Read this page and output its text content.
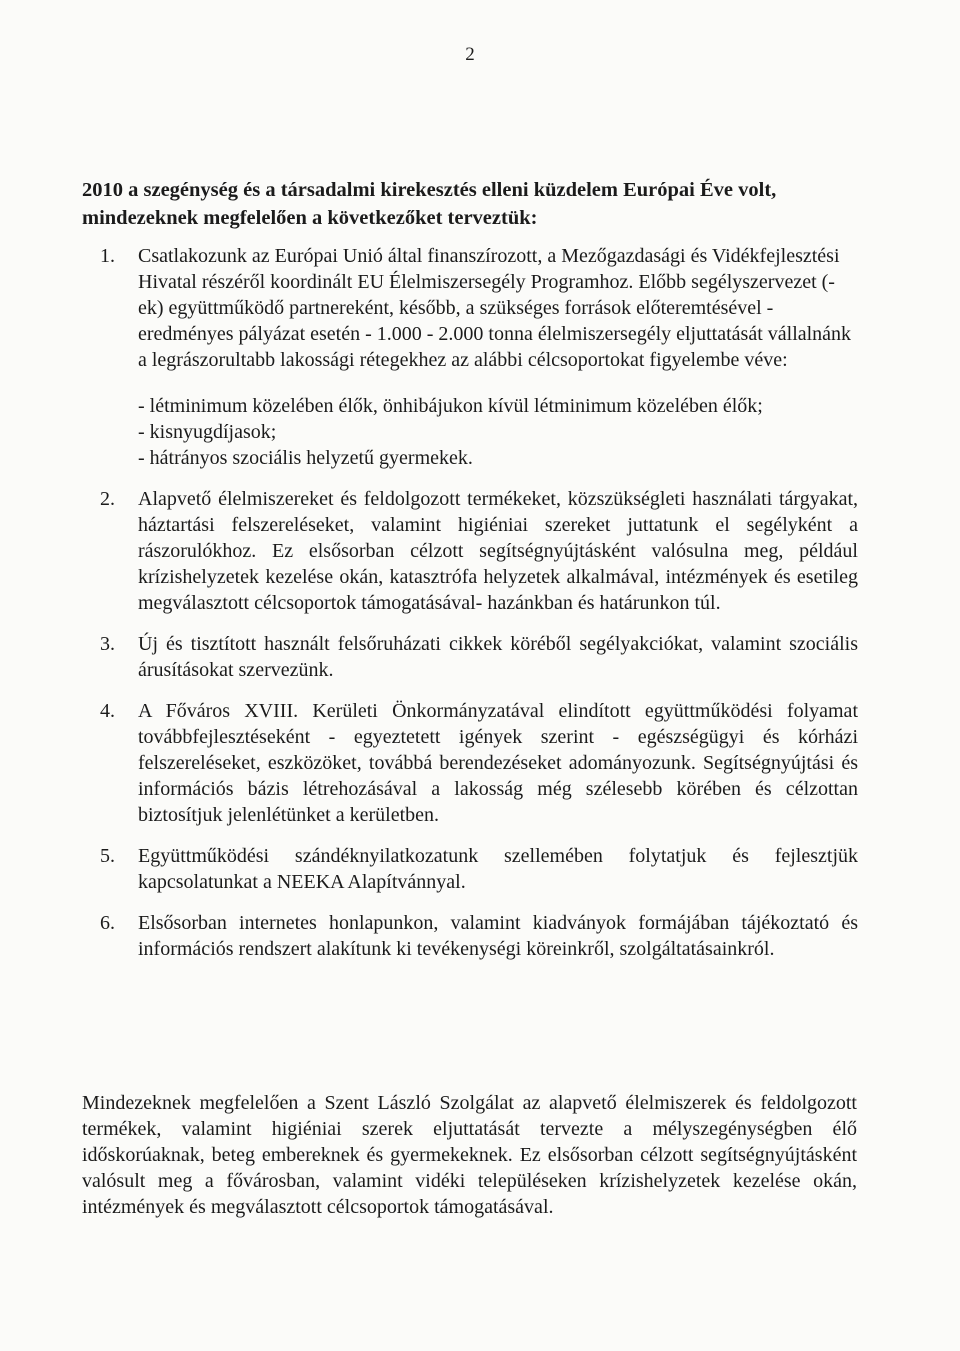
2
2010 a szegénység és a társadalmi kirekesztés elleni küzdelem Európai Éve volt, mindezeknek megfelelően a következőket terveztük:
1.	Csatlakozunk az Európai Unió által finanszírozott, a Mezőgazdasági és Vidékfejlesztési Hivatal részéről koordinált EU Élelmiszersegély Programhoz. Előbb segélyszervezet (-ek) együttműködő partnereként, később, a szükséges források előteremtésével - eredményes pályázat esetén - 1.000 - 2.000 tonna élelmiszersegély eljuttatását vállalnánk a legrászorultabb lakossági rétegekhez az alábbi célcsoportokat figyelembe véve:
- létminimum közelében élők, önhibájukon kívül létminimum közelében élők;
- kisnyugdíjasok;
- hátrányos szociális helyzetű gyermekek.
2.	Alapvető élelmiszereket és feldolgozott termékeket, közszükségleti használati tárgyakat, háztartási felszereléseket, valamint higiéniai szereket juttatunk el segélyként a rászorulókhoz. Ez elsősorban célzott segítségnyújtásként valósulna meg, például krízishelyzetek kezelése okán, katasztrófa helyzetek alkalmával, intézmények és esetileg megválasztott célcsoportok támogatásával- hazánkban és határunkon túl.
3.	Új és tisztított használt felsőruházati cikkek köréből segélyakciókat, valamint szociális árusításokat szervezünk.
4.	A Főváros XVIII. Kerületi Önkormányzatával elindított együttműködési folyamat továbbfejlesztéseként - egyeztetett igények szerint - egészségügyi és kórházi felszereléseket, eszközöket, továbbá berendezéseket adományozunk. Segítségnyújtási és információs bázis létrehozásával a lakosság még szélesebb körében és célzottan biztosítjuk jelenlétünket a kerületben.
5.	Együttműködési szándéknyilatkozatunk szellemében folytatjuk és fejlesztjük kapcsolatunkat a NEEKA Alapítvánnyal.
6.	Elsősorban internetes honlapunkon, valamint kiadványok formájában tájékoztató és információs rendszert alakítunk ki tevékenységi köreinkről, szolgáltatásainkról.
Mindezeknek megfelelően a Szent László Szolgálat az alapvető élelmiszerek és feldolgozott termékek, valamint higiéniai szerek eljuttatását tervezte a mélyszegénységben élő időskorúaknak, beteg embereknek és gyermekeknek. Ez elsősorban célzott segítségnyújtásként valósult meg a fővárosban, valamint vidéki településeken krízishelyzetek kezelése okán, intézmények és megválasztott célcsoportok támogatásával.
